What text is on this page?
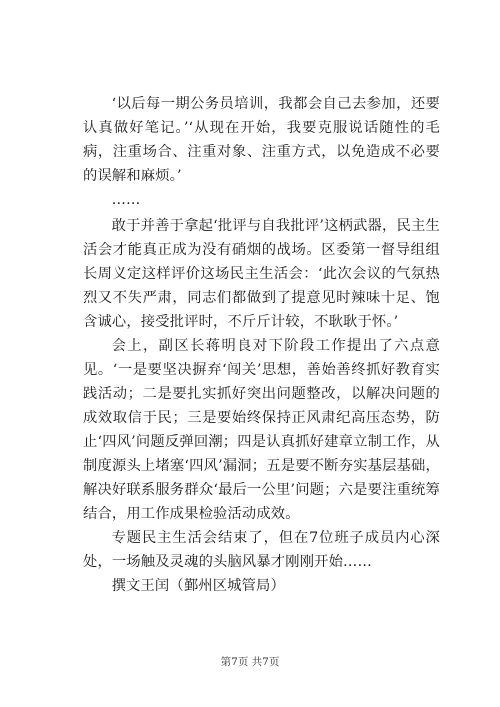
‘以后每一期公务员培训，我都会自己去参加，还要认真做好笔记。’‘从现在开始，我要克服说话随性的毛病，注重场合、注重对象、注重方式，以免造成不必要的误解和麻烦。’

……

敢于并善于拿起‘批评与自我批评’这柄武器，民主生活会才能真正成为没有硝烟的战场。区委第一督导组组长周义定这样评价这场民主生活会：‘此次会议的气氛热烈又不失严肃，同志们都做到了提意见时辣味十足、饱含诚心，接受批评时，不斤斤计较，不耿耿于怀。’

会上，副区长蒋明良对下阶段工作提出了六点意见。‘一是要坚决摒弃‘闯关’思想，善始善终抓好教育实践活动；二是要扎实抓好突出问题整改，以解决问题的成效取信于民；三是要始终保持正风肃纪高压态势，防止‘四风’问题反弹回潮；四是认真抓好建章立制工作，从制度源头上堵塞‘四风’漏洞；五是要不断夯实基层基础，解决好联系服务群众‘最后一公里’问题；六是要注重统筹结合，用工作成果检验活动成效。

专题民主生活会结束了，但在7位班子成员内心深处，一场触及灵魂的头脑风暴才刚刚开始……

撰文王闰（鄞州区城管局）

第7页 共7页
